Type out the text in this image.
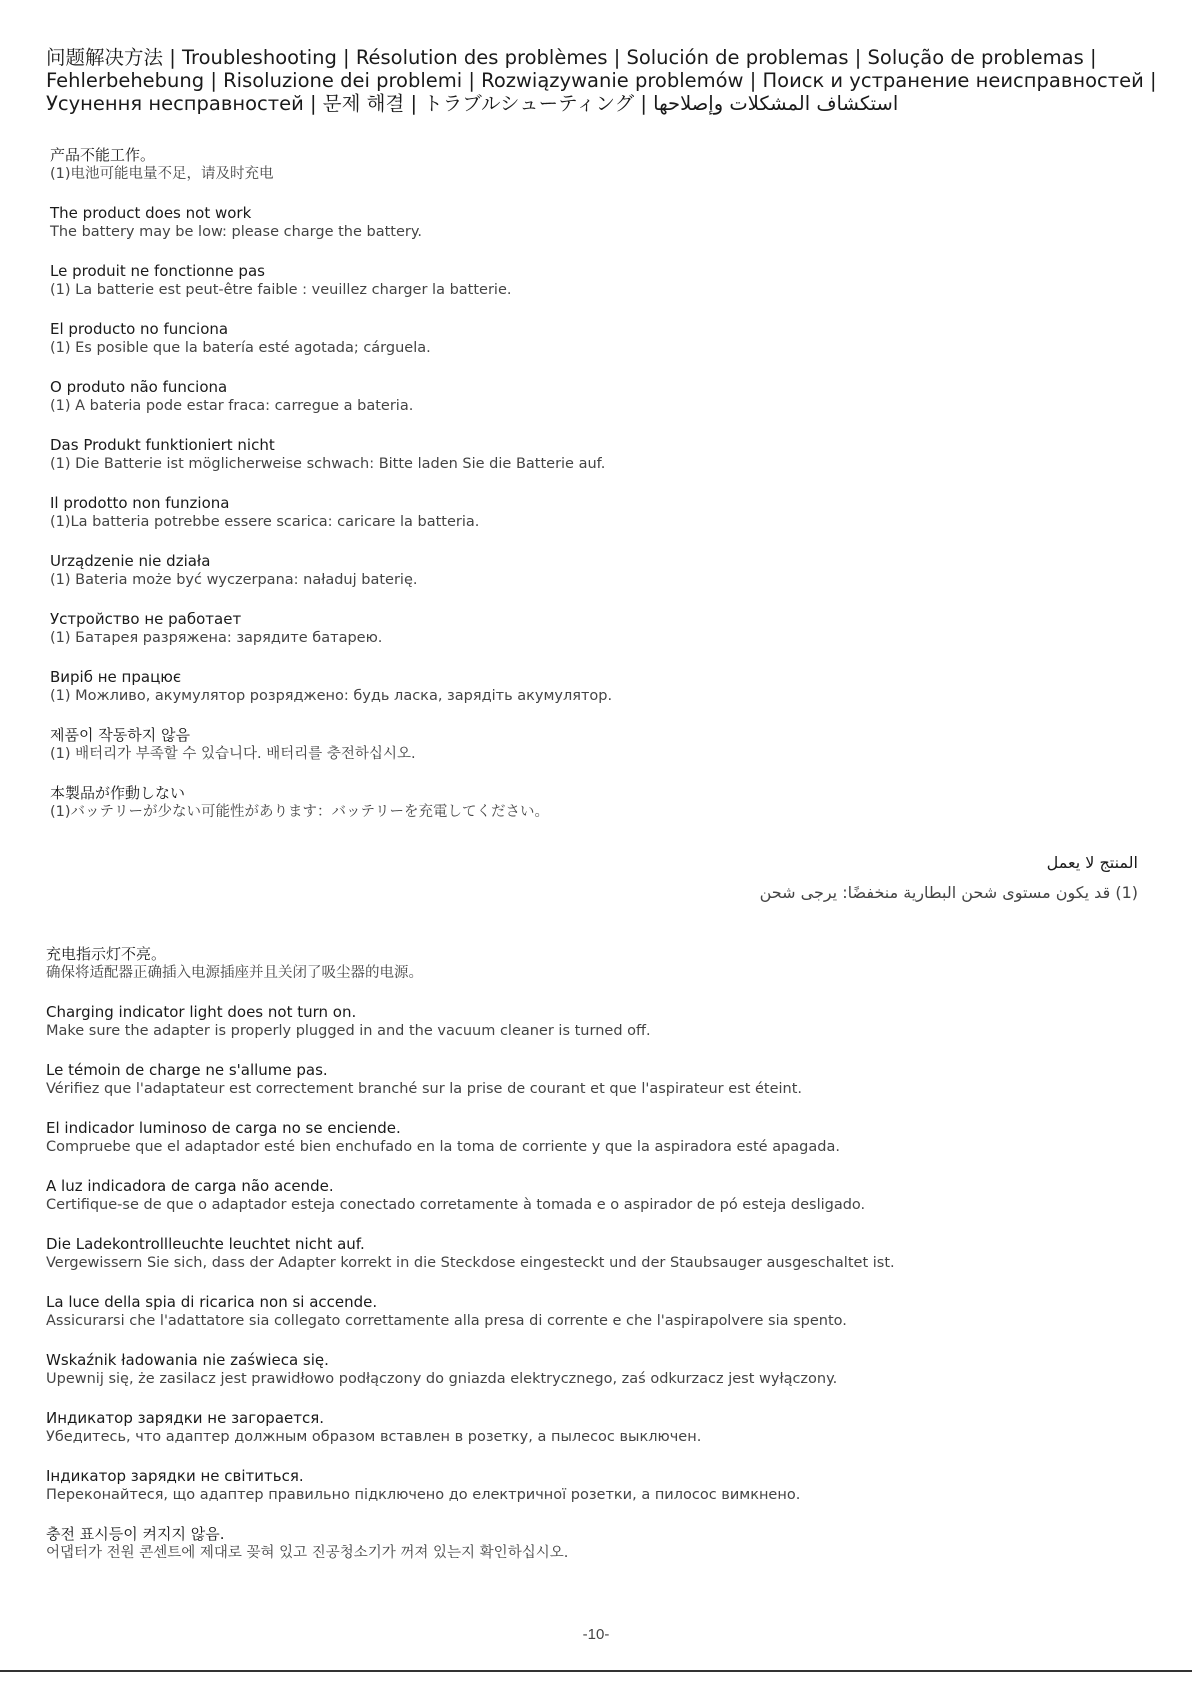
问题解决方法 | Troubleshooting | Résolution des problèmes | Solución de problemas | Solução de problemas |
Fehlerbehebung | Risoluzione dei problemi | Rozwiązywanie problemów | Поиск и устранение неисправностей |
Усунення несправностей | 문제 해결 | トラブルシューティング | استكشاف المشكلات وإصلاحها
产品不能工作。
(1)电池可能电量不足，请及时充电
The product does not work
The battery may be low: please charge the battery.
Le produit ne fonctionne pas
(1) La batterie est peut-être faible : veuillez charger la batterie.
El producto no funciona
(1) Es posible que la batería esté agotada; cárguela.
O produto não funciona
(1) A bateria pode estar fraca: carregue a bateria.
Das Produkt funktioniert nicht
(1) Die Batterie ist möglicherweise schwach: Bitte laden Sie die Batterie auf.
Il prodotto non funziona
(1)La batteria potrebbe essere scarica: caricare la batteria.
Urządzenie nie działa
(1) Bateria może być wyczerpana: naładuj baterię.
Устройство не работает
(1) Батарея разряжена: зарядите батарею.
Виріб не працює
(1) Можливо, акумулятор розряджено: будь ласка, зарядіть акумулятор.
제품이 작동하지 않음
(1) 배터리가 부족할 수 있습니다. 배터리를 충전하십시오.
本製品が作動しない
(1)バッテリーが少ない可能性があります：バッテリーを充電してください。
المنتج لا يعمل
(1) قد يكون مستوى شحن البطارية منخفضًا: يرجى شحن
充电指示灯不亮。
确保将适配器正确插入电源插座并且关闭了吸尘器的电源。
Charging indicator light does not turn on.
Make sure the adapter is properly plugged in and the vacuum cleaner is turned off.
Le témoin de charge ne s'allume pas.
Vérifiez que l'adaptateur est correctement branché sur la prise de courant et que l'aspirateur est éteint.
El indicador luminoso de carga no se enciende.
Compruebe que el adaptador esté bien enchufado en la toma de corriente y que la aspiradora esté apagada.
A luz indicadora de carga não acende.
Certifique-se de que o adaptador esteja conectado corretamente à tomada e o aspirador de pó esteja desligado.
Die Ladekontrollleuchte leuchtet nicht auf.
Vergewissern Sie sich, dass der Adapter korrekt in die Steckdose eingesteckt und der Staubsauger ausgeschaltet ist.
La luce della spia di ricarica non si accende.
Assicurarsi che l'adattatore sia collegato correttamente alla presa di corrente e che l'aspirapolvere sia spento.
Wskaźnik ładowania nie zaświeca się.
Upewnij się, że zasilacz jest prawidłowo podłączony do gniazda elektrycznego, zaś odkurzacz jest wyłączony.
Индикатор зарядки не загорается.
Убедитесь, что адаптер должным образом вставлен в розетку, а пылесос выключен.
Індикатор зарядки не світиться.
Переконайтеся, що адаптер правильно підключено до електричної розетки, а пилосос вимкнено.
충전 표시등이 켜지지 않음.
어댑터가 전원 콘센트에 제대로 꽂혀 있고 진공청소기가 꺼져 있는지 확인하십시오.
-10-
